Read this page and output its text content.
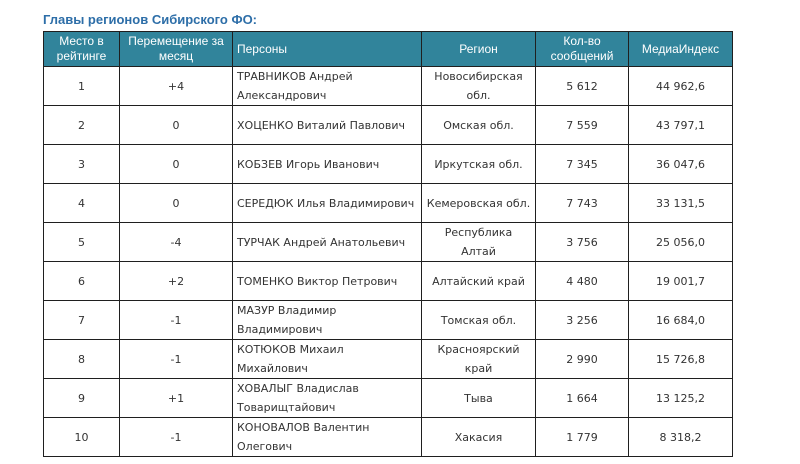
Главы регионов Сибирского ФО:
Место в рейтинге	Перемещение за месяц	Персоны	Регион	Кол-во сообщений	МедиаИндекс
1	+4	ТРАВНИКОВ Андрей Александрович	Новосибирская обл.	5 612	44 962,6
2	0	ХОЦЕНКО Виталий Павлович	Омская обл.	7 559	43 797,1
3	0	КОБЗЕВ Игорь Иванович	Иркутская обл.	7 345	36 047,6
4	0	СЕРЕДЮК Илья Владимирович	Кемеровская обл.	7 743	33 131,5
5	-4	ТУРЧАК Андрей Анатольевич	Республика Алтай	3 756	25 056,0
6	+2	ТОМЕНКО Виктор Петрович	Алтайский край	4 480	19 001,7
7	-1	МАЗУР Владимир Владимирович	Томская обл.	3 256	16 684,0
8	-1	КОТЮКОВ Михаил Михайлович	Красноярский край	2 990	15 726,8
9	+1	ХОВАЛЫГ Владислав Товарищтайович	Тыва	1 664	13 125,2
10	-1	КОНОВАЛОВ Валентин Олегович	Хакасия	1 779	8 318,2
